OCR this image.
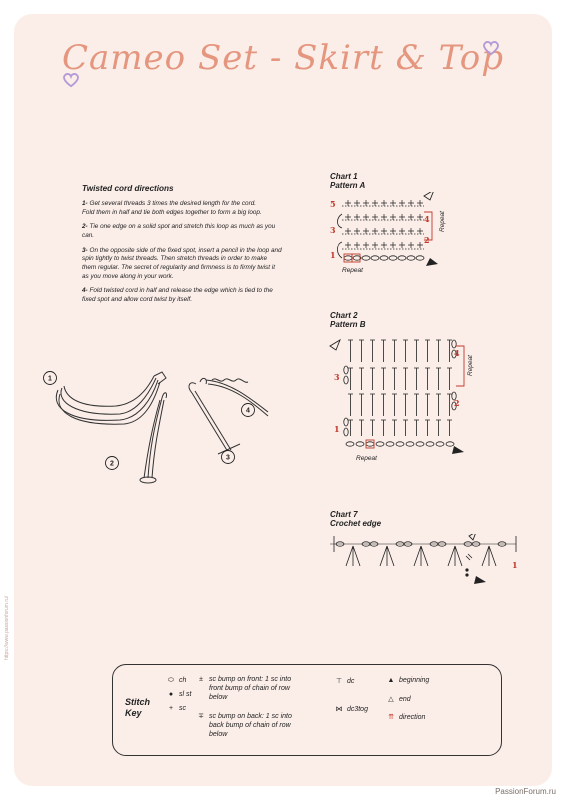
Cameo Set - Skirt & Top
Twisted cord directions

1- Get several threads 3 times the desired length for the cord.
Fold them in half and tie both edges together to form a big loop.

2- Tie one edge on a solid spot and stretch this loop as much as you can.

3- On the opposite side of the fixed spot, insert a pencil in the loop and spin tightly to twist threads. Then stretch threads in order to make them regular. The secret of regularity and firmness is to firmly twist it as you move along in your work.

4- Fold twisted cord in half and release the edge which is tied to the fixed spot and allow cord twist by itself.

1
2
3
4
Chart 1
Pattern A
5
4
3
2
1
Repeat
Repeat
Chart 2
Pattern B
4
3
2
1
Repeat
Repeat
Chart 7
Crochet edge
1
Stitch
Key
⬭ ch
● sl st
+ sc
± sc bump on front: 1 sc into front bump of chain of row below
∓ sc bump on back: 1 sc into back bump of chain of row below
⊤ dc
⋈ dc3tog
▲ beginning
△ end
⇈ direction
https://www.passionforum.ru/
PassionForum.ru
